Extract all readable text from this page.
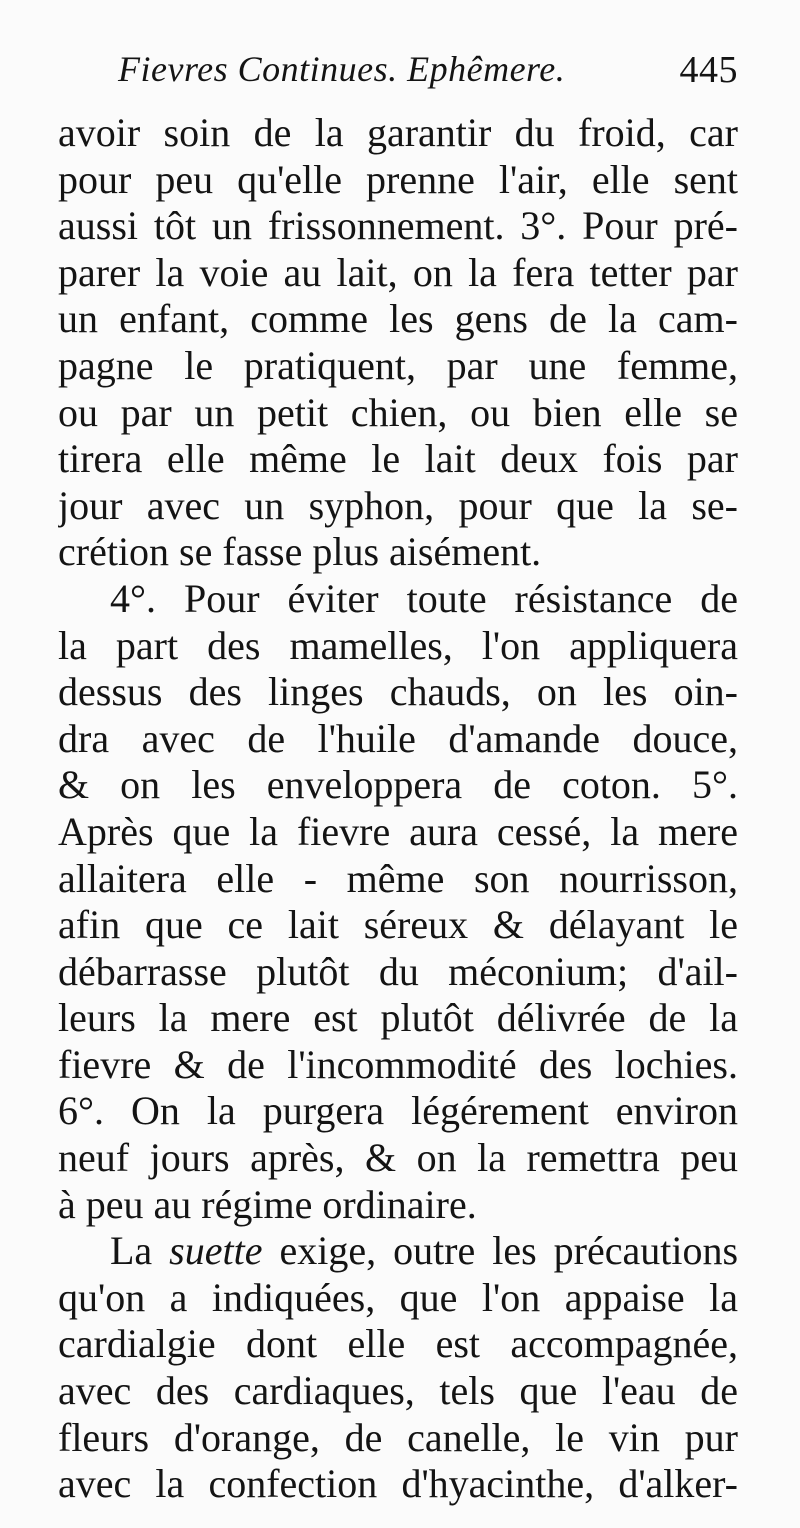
Fievres Continues. Ephêmere.	445
avoir soin de la garantir du froid, car
pour peu qu'elle prenne l'air, elle sent
aussi tôt un frissonnement. 3°. Pour pré-
parer la voie au lait, on la fera tetter par
un enfant, comme les gens de la cam-
pagne le pratiquent, par une femme,
ou par un petit chien, ou bien elle se
tirera elle même le lait deux fois par
jour avec un syphon, pour que la se-
crétion se fasse plus aisément.
4°. Pour éviter toute résistance de
la part des mamelles, l'on appliquera
dessus des linges chauds, on les oin-
dra avec de l'huile d'amande douce,
& on les enveloppera de coton. 5°.
Après que la fievre aura cessé, la mere
allaitera elle - même son nourrisson,
afin que ce lait séreux & délayant le
débarrasse plutôt du méconium; d'ail-
leurs la mere est plutôt délivrée de la
fievre & de l'incommodité des lochies.
6°. On la purgera légérement environ
neuf jours après, & on la remettra peu
à peu au régime ordinaire.
La suette exige, outre les précautions
qu'on a indiquées, que l'on appaise la
cardialgie dont elle est accompagnée,
avec des cardiaques, tels que l'eau de
fleurs d'orange, de canelle, le vin pur
avec la confection d'hyacinthe, d'alker-
